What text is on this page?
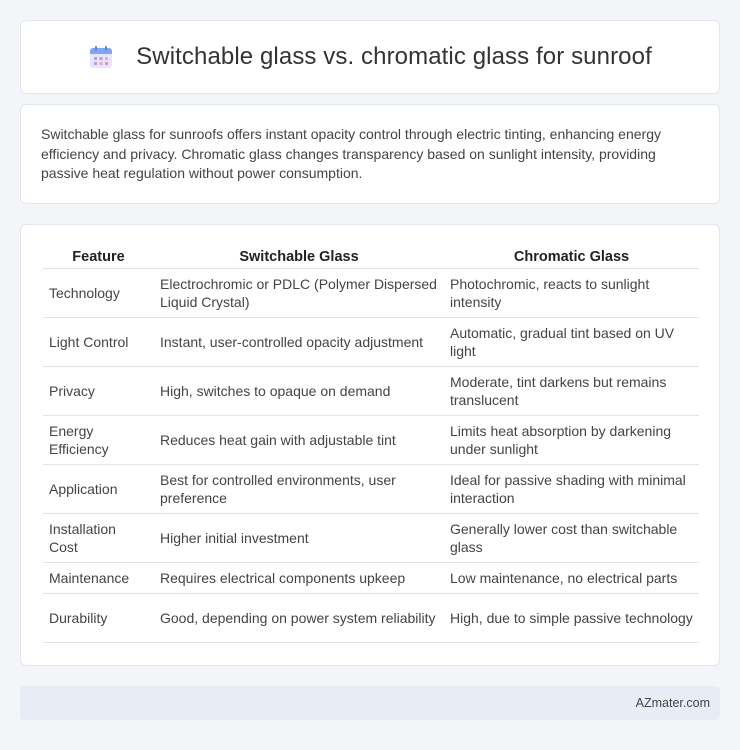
Switchable glass vs. chromatic glass for sunroof

Switchable glass for sunroofs offers instant opacity control through electric tinting, enhancing energy efficiency and privacy. Chromatic glass changes transparency based on sunlight intensity, providing passive heat regulation without power consumption.

Feature	Switchable Glass	Chromatic Glass
Technology	Electrochromic or PDLC (Polymer Dispersed Liquid Crystal)	Photochromic, reacts to sunlight intensity
Light Control	Instant, user-controlled opacity adjustment	Automatic, gradual tint based on UV light
Privacy	High, switches to opaque on demand	Moderate, tint darkens but remains translucent
Energy Efficiency	Reduces heat gain with adjustable tint	Limits heat absorption by darkening under sunlight
Application	Best for controlled environments, user preference	Ideal for passive shading with minimal interaction
Installation Cost	Higher initial investment	Generally lower cost than switchable glass
Maintenance	Requires electrical components upkeep	Low maintenance, no electrical parts
Durability	Good, depending on power system reliability	High, due to simple passive technology
AZmater.com
